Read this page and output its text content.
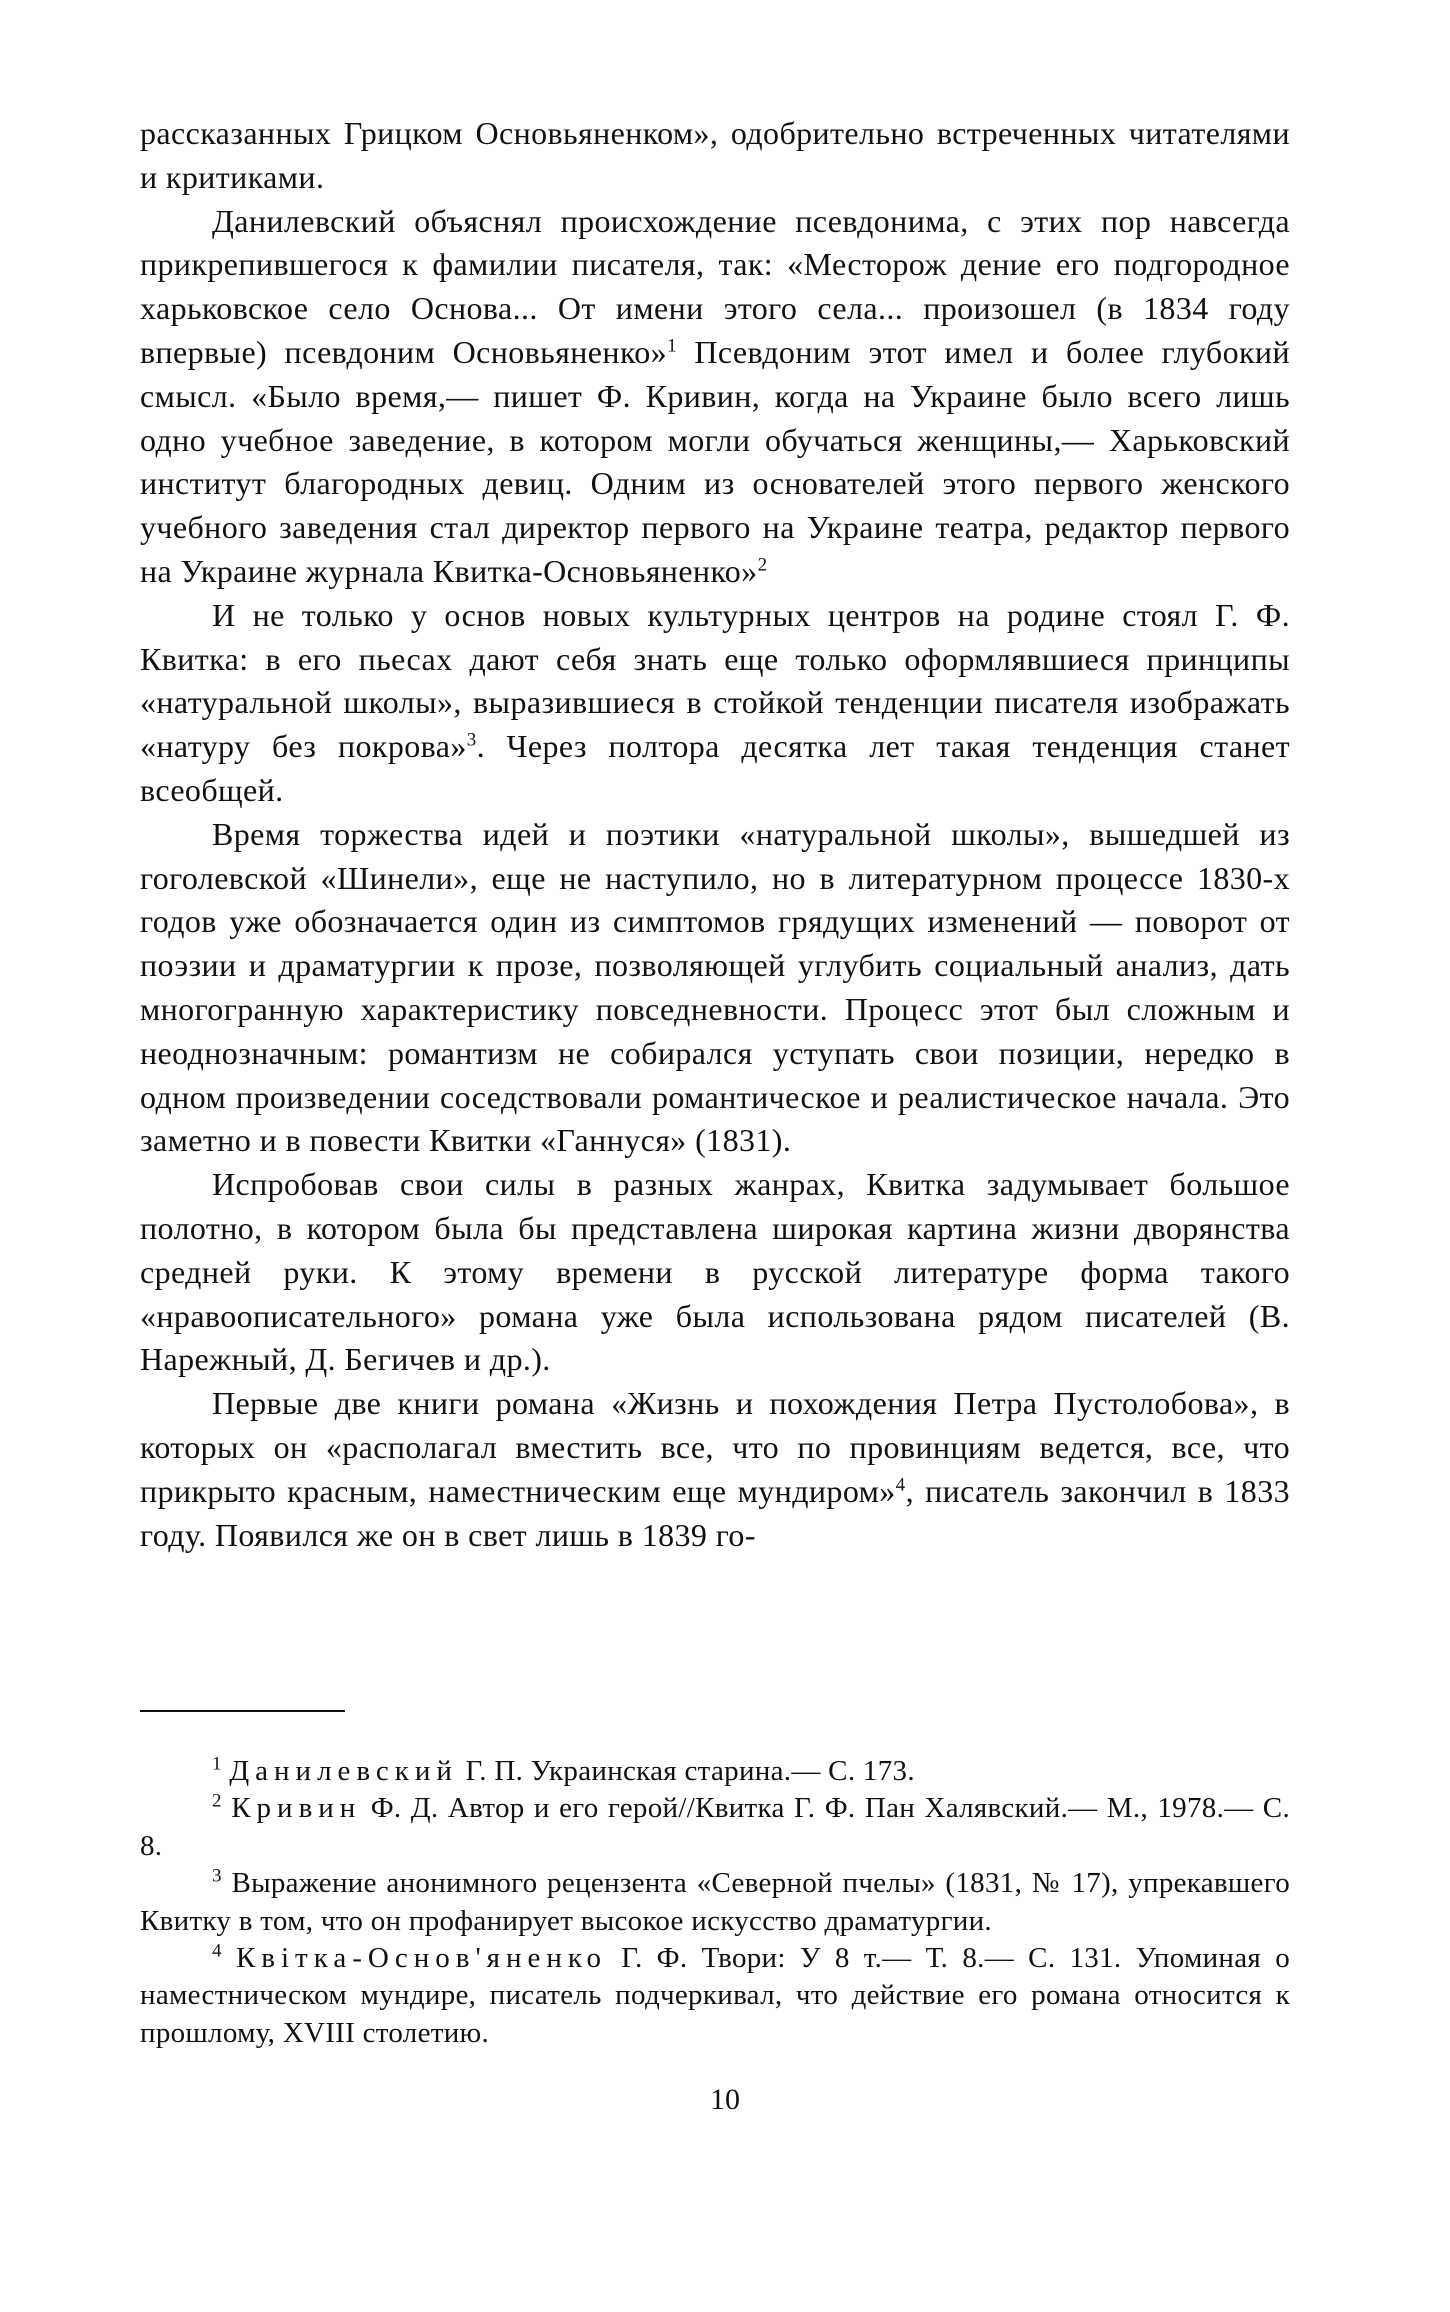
рассказанных Грицком Основьяненком», одобрительно встреченных читателями и критиками.

Данилевский объяснял происхождение псевдонима, с этих пор навсегда прикрепившегося к фамилии писателя, так: «Месторож дение его подгородное харьковское село Основа... От имени этого села... произошел (в 1834 году впервые) псевдоним Основьяненко»$^1$ Псевдоним этот имел и более глубокий смысл. «Было время,— пишет Ф. Кривин, когда на Украине было всего лишь одно учебное заведение, в котором могли обучаться женщины,— Харьковский институт благородных девиц. Одним из основателей этого первого женского учебного заведения стал директор первого на Украине театра, редактор первого на Украине журнала Квитка-Основьяненко»$^2$

И не только у основ новых культурных центров на родине стоял Г. Ф. Квитка: в его пьесах дают себя знать еще только оформлявшиеся принципы «натуральной школы», выразившиеся в стойкой тенденции писателя изображать «натуру без покрова»$^3$. Через полтора десятка лет такая тенденция станет всеобщей.

Время торжества идей и поэтики «натуральной школы», вышедшей из гоголевской «Шинели», еще не наступило, но в литературном процессе 1830-х годов уже обозначается один из симптомов грядущих изменений — поворот от поэзии и драматургии к прозе, позволяющей углубить социальный анализ, дать многогранную характеристику повседневности. Процесс этот был сложным и неоднозначным: романтизм не собирался уступать свои позиции, нередко в одном произведении соседствовали романтическое и реалистическое начала. Это заметно и в повести Квитки «Ганнуся» (1831).

Испробовав свои силы в разных жанрах, Квитка задумывает большое полотно, в котором была бы представлена широкая картина жизни дворянства средней руки. К этому времени в русской литературе форма такого «нравоописательного» романа уже была использована рядом писателей (В. Нарежный, Д. Бегичев и др.).

Первые две книги романа «Жизнь и похождения Петра Пустолобова», в которых он «располагал вместить все, что по провинциям ведется, все, что прикрыто красным, наместническим еще мундиром»$^4$, писатель закончил в 1833 году. Появился же он в свет лишь в 1839 го-

$^1$ Данилевский Г. П. Украинская старина.— С. 173.

$^2$ Кривин Ф. Д. Автор и его герой//Квитка Г. Ф. Пан Халявский.— М., 1978.— С. 8.

$^3$ Выражение анонимного рецензента «Северной пчелы» (1831, № 17), упрекавшего Квитку в том, что он профанирует высокое искусство драматургии.

$^4$ Квітка-Основ'яненко Г. Ф. Твори: У 8 т.— Т. 8.— С. 131. Упоминая о наместническом мундире, писатель подчеркивал, что действие его романа относится к прошлому, XVIII столетию.

10
